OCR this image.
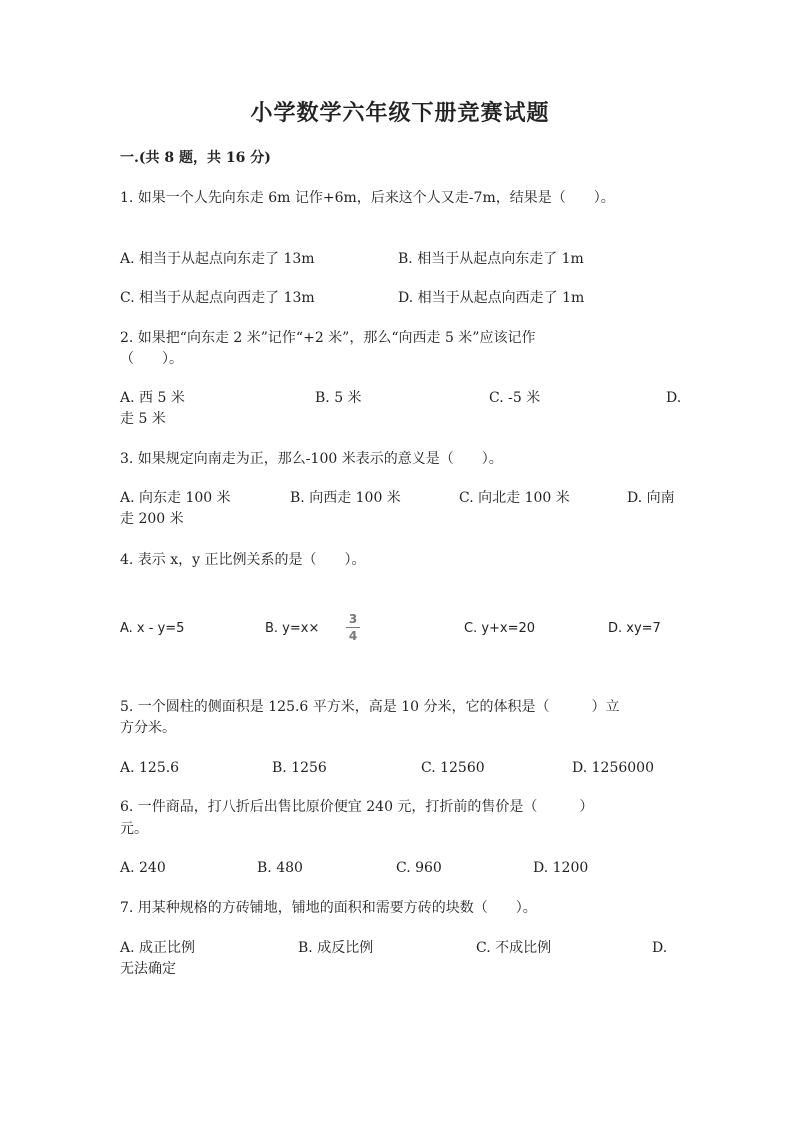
小学数学六年级下册竞赛试题
一.(共 8 题，共 16 分)
1. 如果一个人先向东走 6m 记作+6m，后来这个人又走-7m，结果是（　　）。
A. 相当于从起点向东走了 13m	B. 相当于从起点向东走了 1m
C. 相当于从起点向西走了 13m	D. 相当于从起点向西走了 1m
2. 如果把“向东走 2 米”记作“+2 米”，那么“向西走 5 米”应该记作
（　　）。
A. 西 5 米	B. 5 米	C. -5 米	D.
走 5 米
3. 如果规定向南走为正，那么-100 米表示的意义是（　　）。
A. 向东走 100 米	B. 向西走 100 米	C. 向北走 100 米	D. 向南
走 200 米
4. 表示 x，y 正比例关系的是（　　）。
A. x - y=5	B. y=x×
3
4	C. y+x=20	D. xy=7
5. 一个圆柱的侧面积是 125.6 平方米，高是 10 分米，它的体积是（　　　）立
方分米。
A. 125.6	B. 1256	C. 12560	D. 1256000
6. 一件商品，打八折后出售比原价便宜 240 元，打折前的售价是（　　　）
元。
A. 240	B. 480	C. 960	D. 1200
7. 用某种规格的方砖铺地，铺地的面积和需要方砖的块数（　　）。
A. 成正比例	B. 成反比例	C. 不成比例	D.
无法确定
